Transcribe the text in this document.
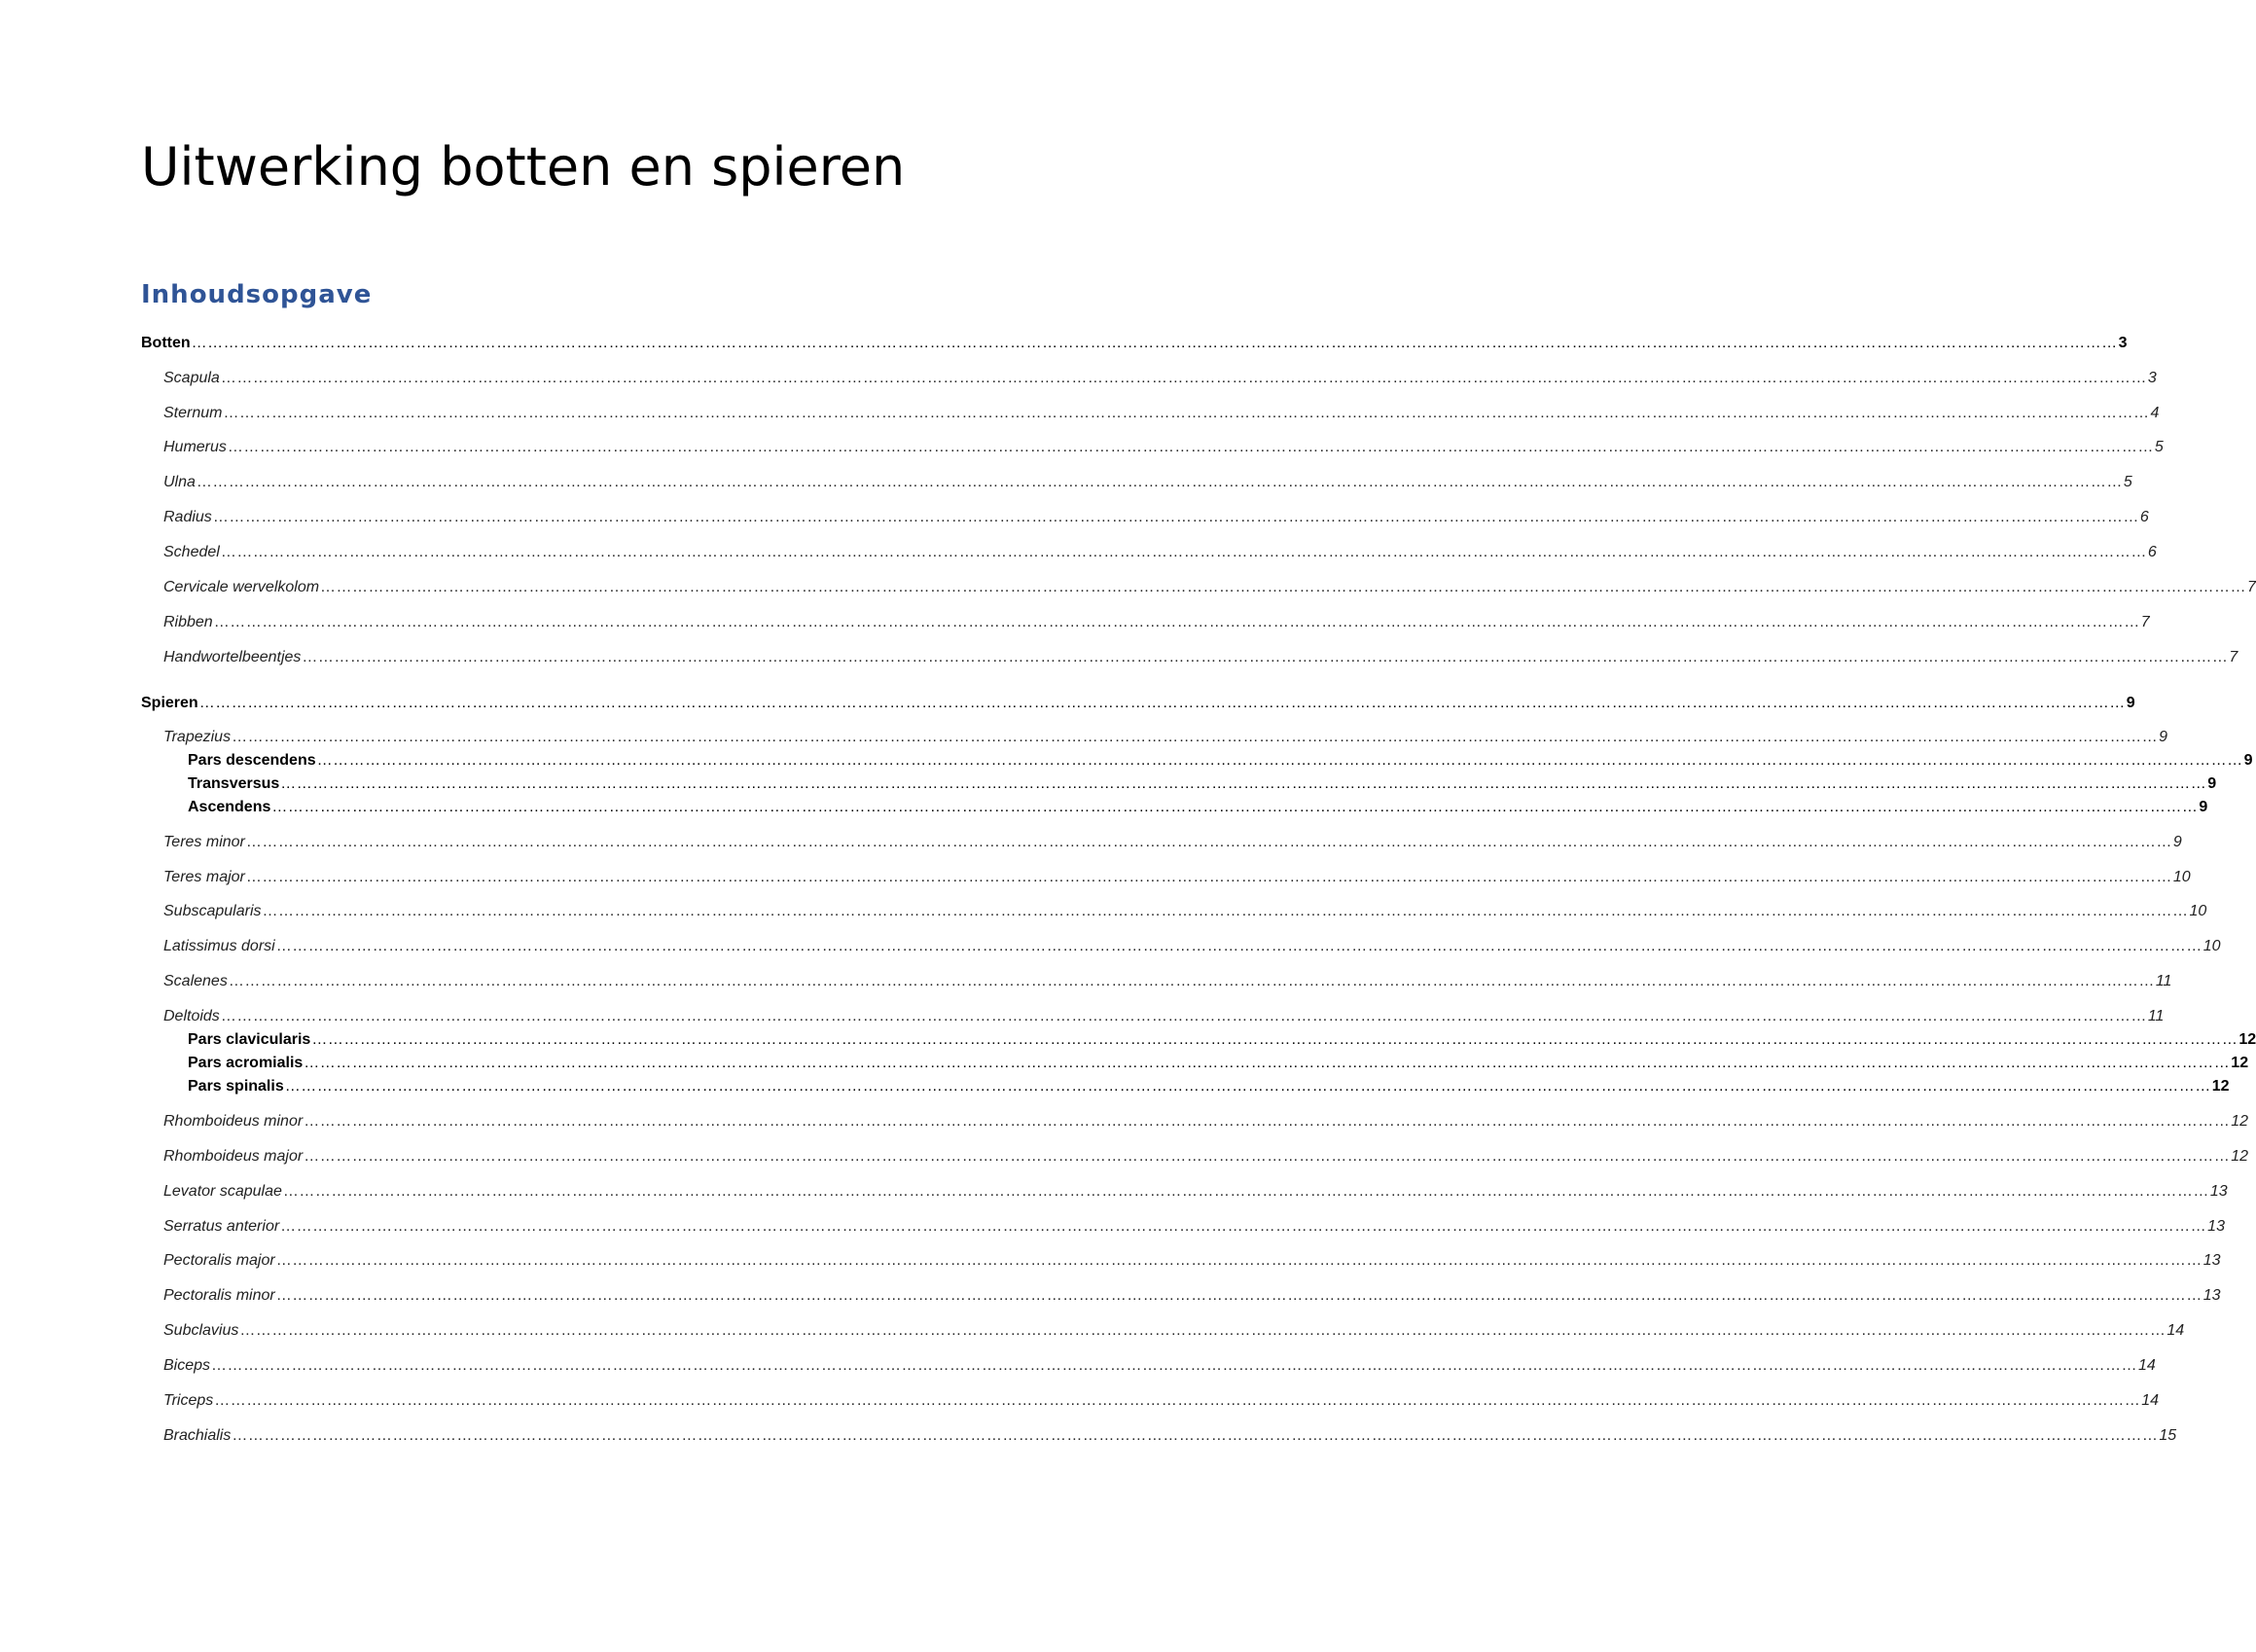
Uitwerking botten en spieren
Inhoudsopgave
Botten ……………………………………………………………………………………………………………………………………………………………………………………………………………………………………………………………………………………………………………………………… 3
Scapula ……………………………………………………………………………………………………………………………………………………………………………………………………………………………………………………………………………………………………………………………… 3
Sternum ……………………………………………………………………………………………………………………………………………………………………………………………………………………………………………………………………………………………………………………………… 4
Humerus ……………………………………………………………………………………………………………………………………………………………………………………………………………………………………………………………………………………………………………………………… 5
Ulna ……………………………………………………………………………………………………………………………………………………………………………………………………………………………………………………………………………………………………………………………… 5
Radius ……………………………………………………………………………………………………………………………………………………………………………………………………………………………………………………………………………………………………………………………… 6
Schedel ……………………………………………………………………………………………………………………………………………………………………………………………………………………………………………………………………………………………………………………………… 6
Cervicale wervelkolom ……………………………………………………………………………………………………………………………………………………………………………………………………………………………………………………………………………………………………………………………… 7
Ribben ……………………………………………………………………………………………………………………………………………………………………………………………………………………………………………………………………………………………………………………………… 7
Handwortelbeentjes ……………………………………………………………………………………………………………………………………………………………………………………………………………………………………………………………………………………………………………………………… 7
Spieren ……………………………………………………………………………………………………………………………………………………………………………………………………………………………………………………………………………………………………………………………… 9
Trapezius ……………………………………………………………………………………………………………………………………………………………………………………………………………………………………………………………………………………………………………………………… 9
Pars descendens ……………………………………………………………………………………………………………………………………………………………………………………………………………………………………………………………………………………………………………………………… 9
Transversus ……………………………………………………………………………………………………………………………………………………………………………………………………………………………………………………………………………………………………………………………… 9
Ascendens ……………………………………………………………………………………………………………………………………………………………………………………………………………………………………………………………………………………………………………………………… 9
Teres minor ……………………………………………………………………………………………………………………………………………………………………………………………………………………………………………………………………………………………………………………………… 9
Teres major ……………………………………………………………………………………………………………………………………………………………………………………………………………………………………………………………………………………………………………………………… 10
Subscapularis ……………………………………………………………………………………………………………………………………………………………………………………………………………………………………………………………………………………………………………………………… 10
Latissimus dorsi ……………………………………………………………………………………………………………………………………………………………………………………………………………………………………………………………………………………………………………………………… 10
Scalenes ……………………………………………………………………………………………………………………………………………………………………………………………………………………………………………………………………………………………………………………………… 11
Deltoids ……………………………………………………………………………………………………………………………………………………………………………………………………………………………………………………………………………………………………………………………… 11
Pars clavicularis ……………………………………………………………………………………………………………………………………………………………………………………………………………………………………………………………………………………………………………………………… 12
Pars acromialis ……………………………………………………………………………………………………………………………………………………………………………………………………………………………………………………………………………………………………………………………… 12
Pars spinalis ……………………………………………………………………………………………………………………………………………………………………………………………………………………………………………………………………………………………………………………………… 12
Rhomboideus minor ……………………………………………………………………………………………………………………………………………………………………………………………………………………………………………………………………………………………………………………………… 12
Rhomboideus major ……………………………………………………………………………………………………………………………………………………………………………………………………………………………………………………………………………………………………………………………… 12
Levator scapulae ……………………………………………………………………………………………………………………………………………………………………………………………………………………………………………………………………………………………………………………………… 13
Serratus anterior ……………………………………………………………………………………………………………………………………………………………………………………………………………………………………………………………………………………………………………………………… 13
Pectoralis major ……………………………………………………………………………………………………………………………………………………………………………………………………………………………………………………………………………………………………………………………… 13
Pectoralis minor ……………………………………………………………………………………………………………………………………………………………………………………………………………………………………………………………………………………………………………………………… 13
Subclavius ……………………………………………………………………………………………………………………………………………………………………………………………………………………………………………………………………………………………………………………………… 14
Biceps ……………………………………………………………………………………………………………………………………………………………………………………………………………………………………………………………………………………………………………………………… 14
Triceps ……………………………………………………………………………………………………………………………………………………………………………………………………………………………………………………………………………………………………………………………… 14
Brachialis ……………………………………………………………………………………………………………………………………………………………………………………………………………………………………………………………………………………………………………………………… 15
